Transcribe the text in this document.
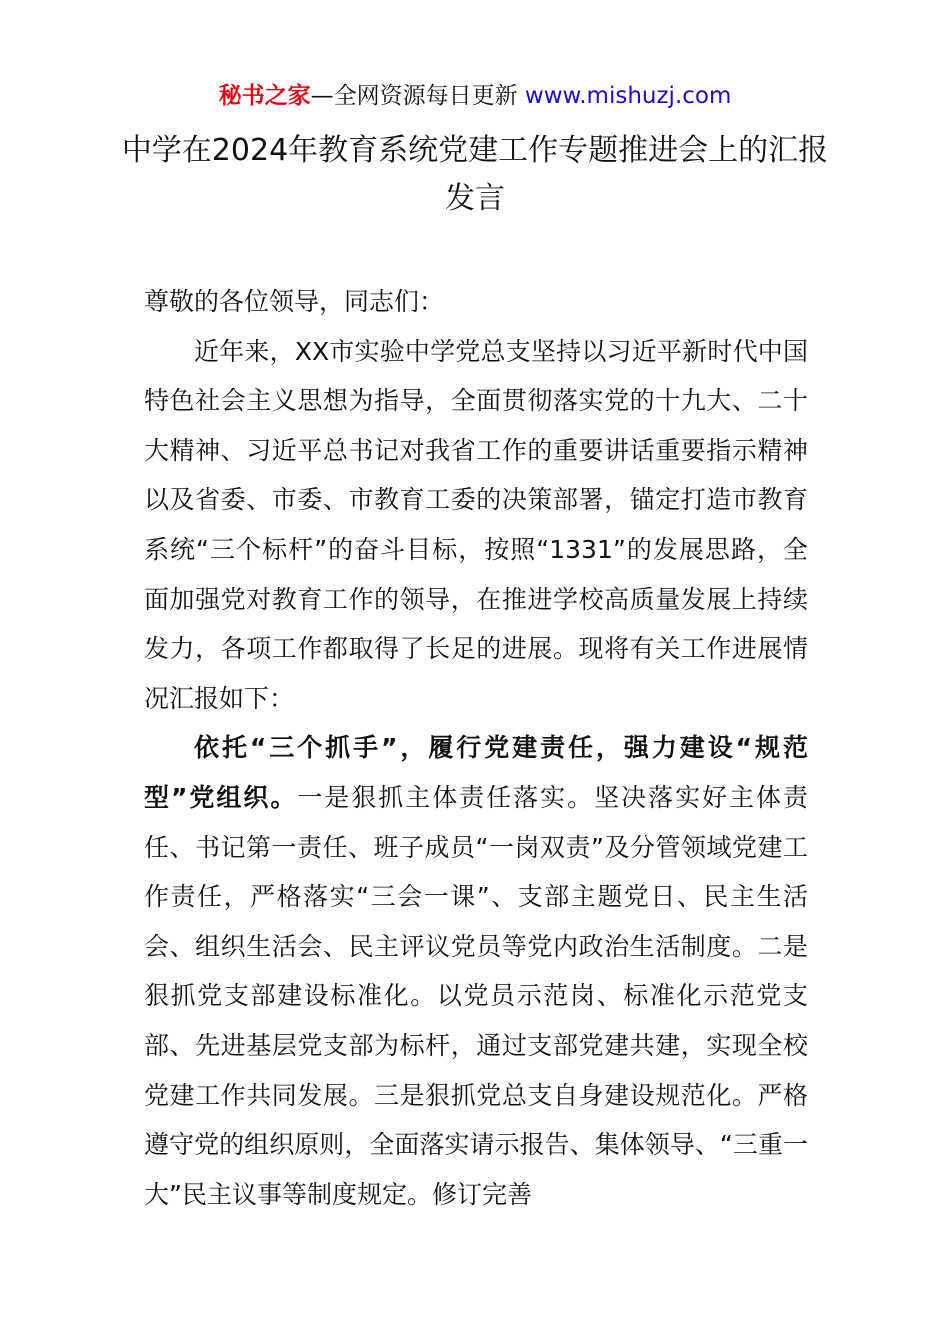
秘书之家—全网资源每日更新 www.mishuzj.com
中学在2024年教育系统党建工作专题推进会上的汇报发言

尊敬的各位领导，同志们：

近年来，XX市实验中学党总支坚持以习近平新时代中国特色社会主义思想为指导，全面贯彻落实党的十九大、二十大精神、习近平总书记对我省工作的重要讲话重要指示精神以及省委、市委、市教育工委的决策部署，锚定打造市教育系统“三个标杆”的奋斗目标，按照“1331”的发展思路，全面加强党对教育工作的领导，在推进学校高质量发展上持续发力，各项工作都取得了长足的进展。现将有关工作进展情况汇报如下：

依托“三个抓手”，履行党建责任，强力建设“规范型”党组织。一是狠抓主体责任落实。坚决落实好主体责任、书记第一责任、班子成员“一岗双责”及分管领域党建工作责任，严格落实“三会一课”、支部主题党日、民主生活会、组织生活会、民主评议党员等党内政治生活制度。二是狠抓党支部建设标准化。以党员示范岗、标准化示范党支部、先进基层党支部为标杆，通过支部党建共建，实现全校党建工作共同发展。三是狠抓党总支自身建设规范化。严格遵守党的组织原则，全面落实请示报告、集体领导、“三重一大”民主议事等制度规定。修订完善
